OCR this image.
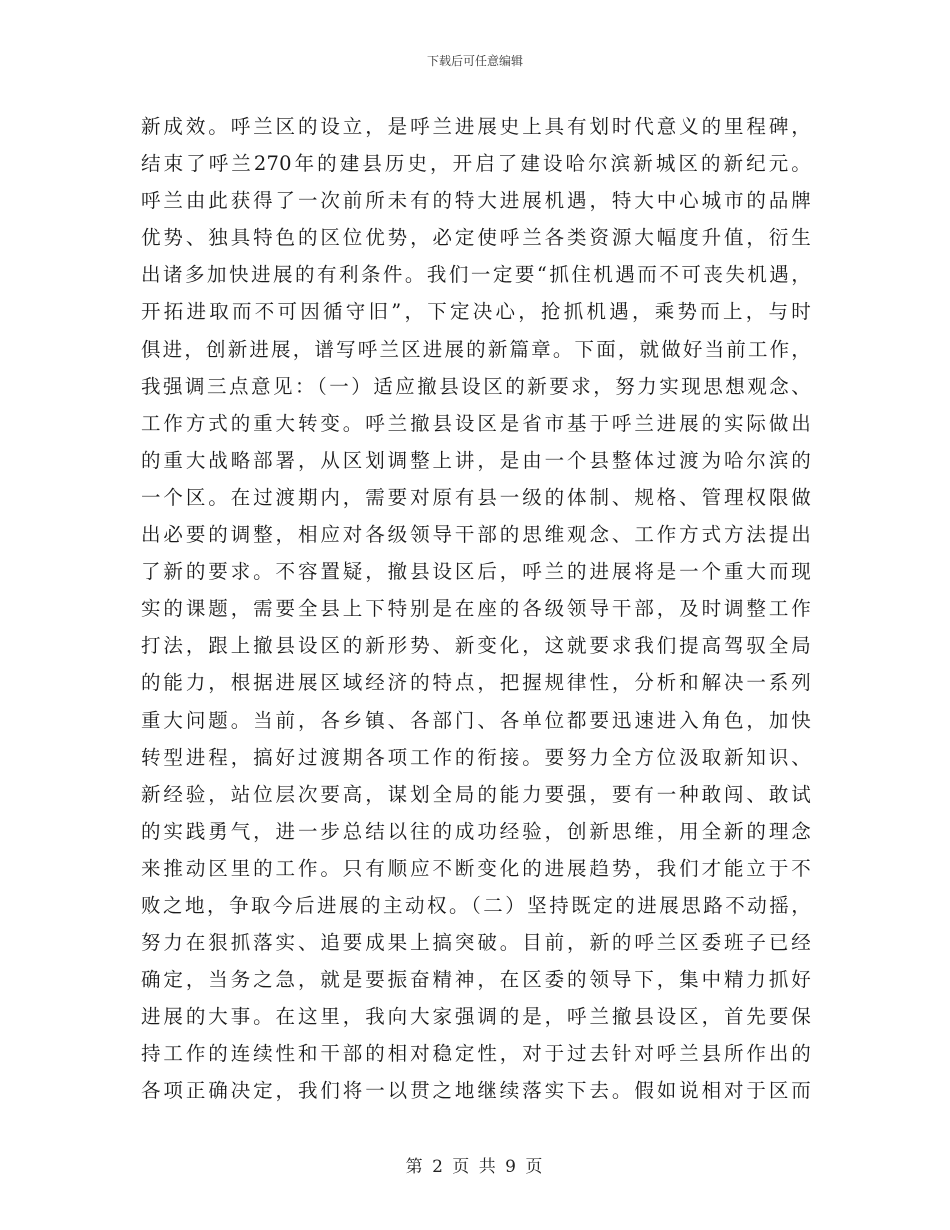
下载后可任意编辑
新成效。呼兰区的设立，是呼兰进展史上具有划时代意义的里程碑，
结束了呼兰270年的建县历史，开启了建设哈尔滨新城区的新纪元。
呼兰由此获得了一次前所未有的特大进展机遇，特大中心城市的品牌
优势、独具特色的区位优势，必定使呼兰各类资源大幅度升值，衍生
出诸多加快进展的有利条件。我们一定要“抓住机遇而不可丧失机遇，
开拓进取而不可因循守旧”，下定决心，抢抓机遇，乘势而上，与时
俱进，创新进展，谱写呼兰区进展的新篇章。下面，就做好当前工作，
我强调三点意见：（一）适应撤县设区的新要求，努力实现思想观念、
工作方式的重大转变。呼兰撤县设区是省市基于呼兰进展的实际做出
的重大战略部署，从区划调整上讲，是由一个县整体过渡为哈尔滨的
一个区。在过渡期内，需要对原有县一级的体制、规格、管理权限做
出必要的调整，相应对各级领导干部的思维观念、工作方式方法提出
了新的要求。不容置疑，撤县设区后，呼兰的进展将是一个重大而现
实的课题，需要全县上下特别是在座的各级领导干部，及时调整工作
打法，跟上撤县设区的新形势、新变化，这就要求我们提高驾驭全局
的能力，根据进展区域经济的特点，把握规律性，分析和解决一系列
重大问题。当前，各乡镇、各部门、各单位都要迅速进入角色，加快
转型进程，搞好过渡期各项工作的衔接。要努力全方位汲取新知识、
新经验，站位层次要高，谋划全局的能力要强，要有一种敢闯、敢试
的实践勇气，进一步总结以往的成功经验，创新思维，用全新的理念
来推动区里的工作。只有顺应不断变化的进展趋势，我们才能立于不
败之地，争取今后进展的主动权。（二）坚持既定的进展思路不动摇，
努力在狠抓落实、追要成果上搞突破。目前，新的呼兰区委班子已经
确定，当务之急，就是要振奋精神，在区委的领导下，集中精力抓好
进展的大事。在这里，我向大家强调的是，呼兰撤县设区，首先要保
持工作的连续性和干部的相对稳定性，对于过去针对呼兰县所作出的
各项正确决定，我们将一以贯之地继续落实下去。假如说相对于区而
第 2 页 共 9 页
